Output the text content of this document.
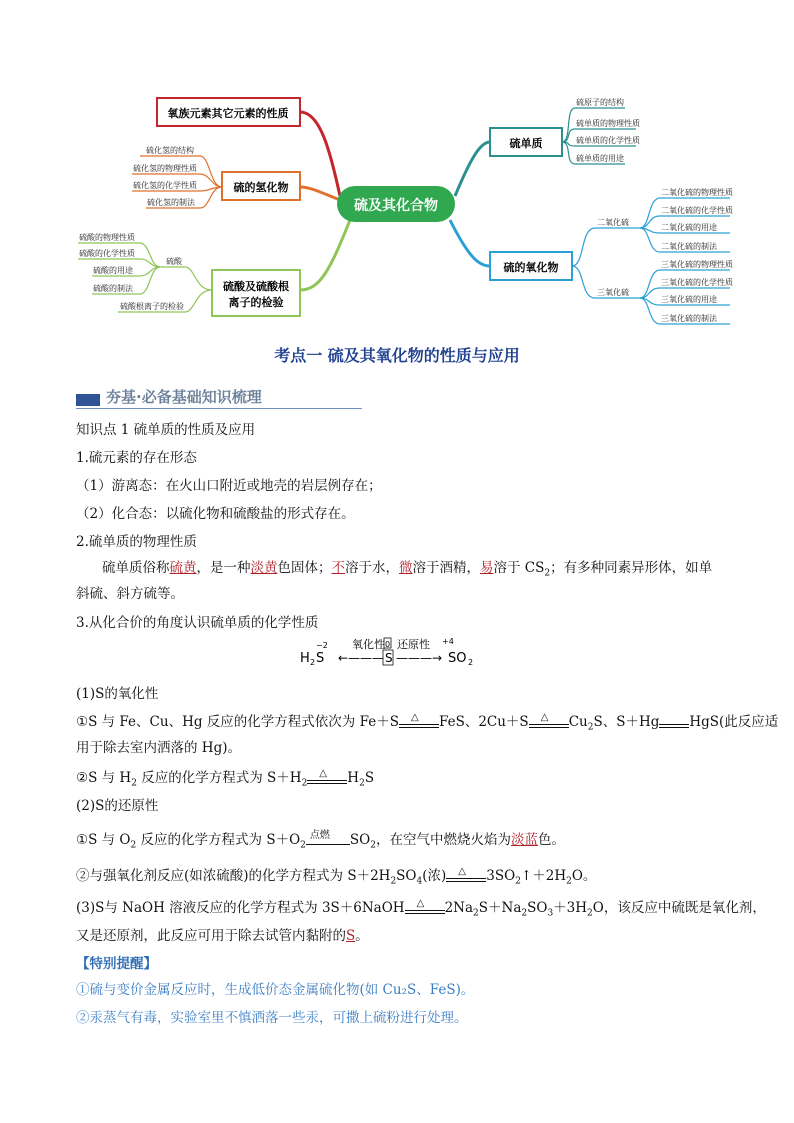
硫及其化合物
氧族元素其它元素的性质
硫的氢化物
硫酸及硫酸根
离子的检验
硫单质
硫的氧化物
硫化氢的结构
硫化氢的物理性质
硫化氢的化学性质
硫化氢的制法
硫酸
硫酸的物理性质
硫酸的化学性质
硫酸的用途
硫酸的制法
硫酸根离子的检验
硫原子的结构
硫单质的物理性质
硫单质的化学性质
硫单质的用途
二氧化硫
三氧化硫
二氧化硫的物理性质
二氧化硫的化学性质
二氧化硫的用途
二氧化硫的制法
三氧化硫的物理性质
三氧化硫的化学性质
三氧化硫的用途
三氧化硫的制法
考点一 硫及其氧化物的性质与应用
夯基·必备基础知识梳理
知识点 1 硫单质的性质及应用
1.硫元素的存在形态
（1）游离态：在火山口附近或地壳的岩层例存在；
（2）化合态：以硫化物和硫酸盐的形式存在。
2.硫单质的物理性质
硫单质俗称硫黄，是一种淡黄色固体；不溶于水，微溶于酒精，易溶于 $CS_2$；有多种同素异形体，如单
斜硫、斜方硫等。
3.从化合价的角度认识硫单质的化学性质
H 2 S
−2
←———
氧化性 0
S ———→
还原性 +4
SO 2
(1)S的氧化性
①S 与 Fe、Cu、Hg 反应的化学方程式依次为 Fe＋S △ FeS、2Cu＋S △ $Cu_2S$、S＋Hg HgS(此反应适
用于除去室内洒落的 Hg)。
②S 与 $H_2$ 反应的化学方程式为 $S+H_2$
△ $H_2S$
(2)S的还原性
①S 与 $O_2$ 反应的化学方程式为 $S+O_2$
点燃 $SO_2$，在空气中燃烧火焰为淡蓝色。
②与强氧化剂反应(如浓硫酸)的化学方程式为 $S+2H_2SO_4$(浓) △ $3SO_2↑+2H_2O$。
(3)S与 NaOH 溶液反应的化学方程式为 3S＋6NaOH △ $2Na_2S+Na_2SO_3+3H_2O$，该反应中硫既是氧化剂，
又是还原剂，此反应可用于除去试管内黏附的S。
【特别提醒】
①硫与变价金属反应时，生成低价态金属硫化物(如 Cu₂S、FeS)。
②汞蒸气有毒，实验室里不慎洒落一些汞，可撒上硫粉进行处理。
